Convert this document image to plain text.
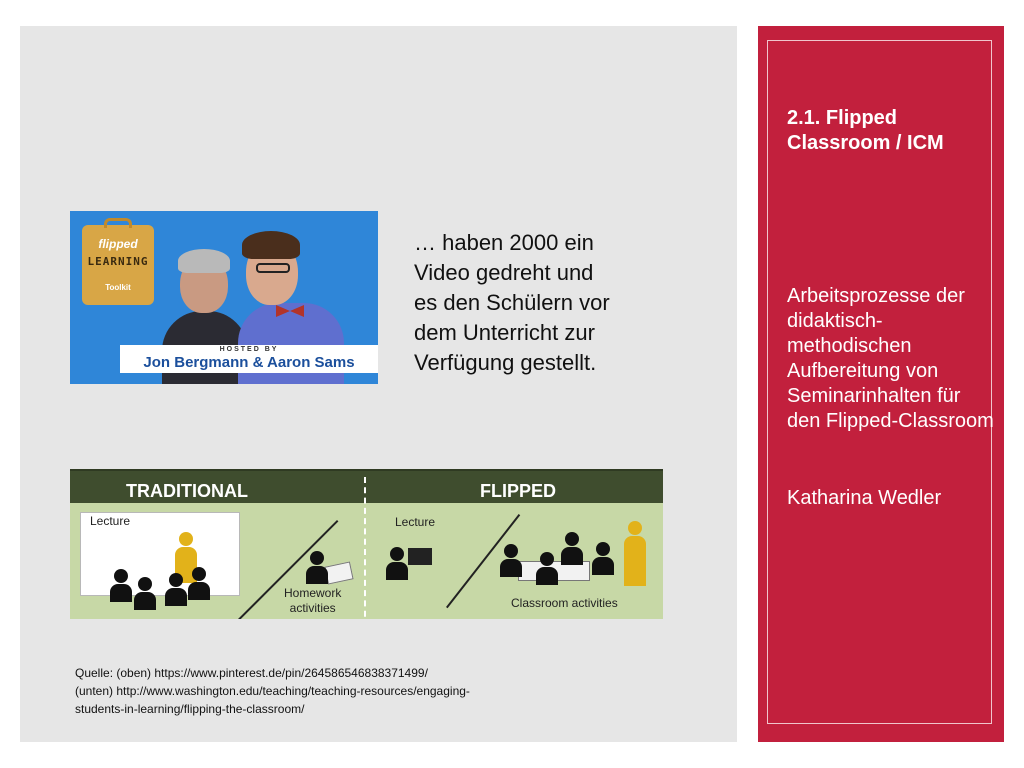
2.1. Flipped Classroom / ICM
Arbeitsprozesse der didaktisch-methodischen Aufbereitung von Seminarinhalten für den Flipped-Classroom
Katharina Wedler
flipped
LEARNING
Toolkit
HOSTED BY
Jon Bergmann & Aaron Sams
… haben 2000 ein
Video gedreht und
es den Schülern vor
dem Unterricht zur
Verfügung gestellt.
TRADITIONAL	FLIPPED
Lecture
Homework
activities
Lecture
Classroom activities
Quelle: (oben) https://www.pinterest.de/pin/264586546838371499/
(unten) http://www.washington.edu/teaching/teaching-resources/engaging-
students-in-learning/flipping-the-classroom/
